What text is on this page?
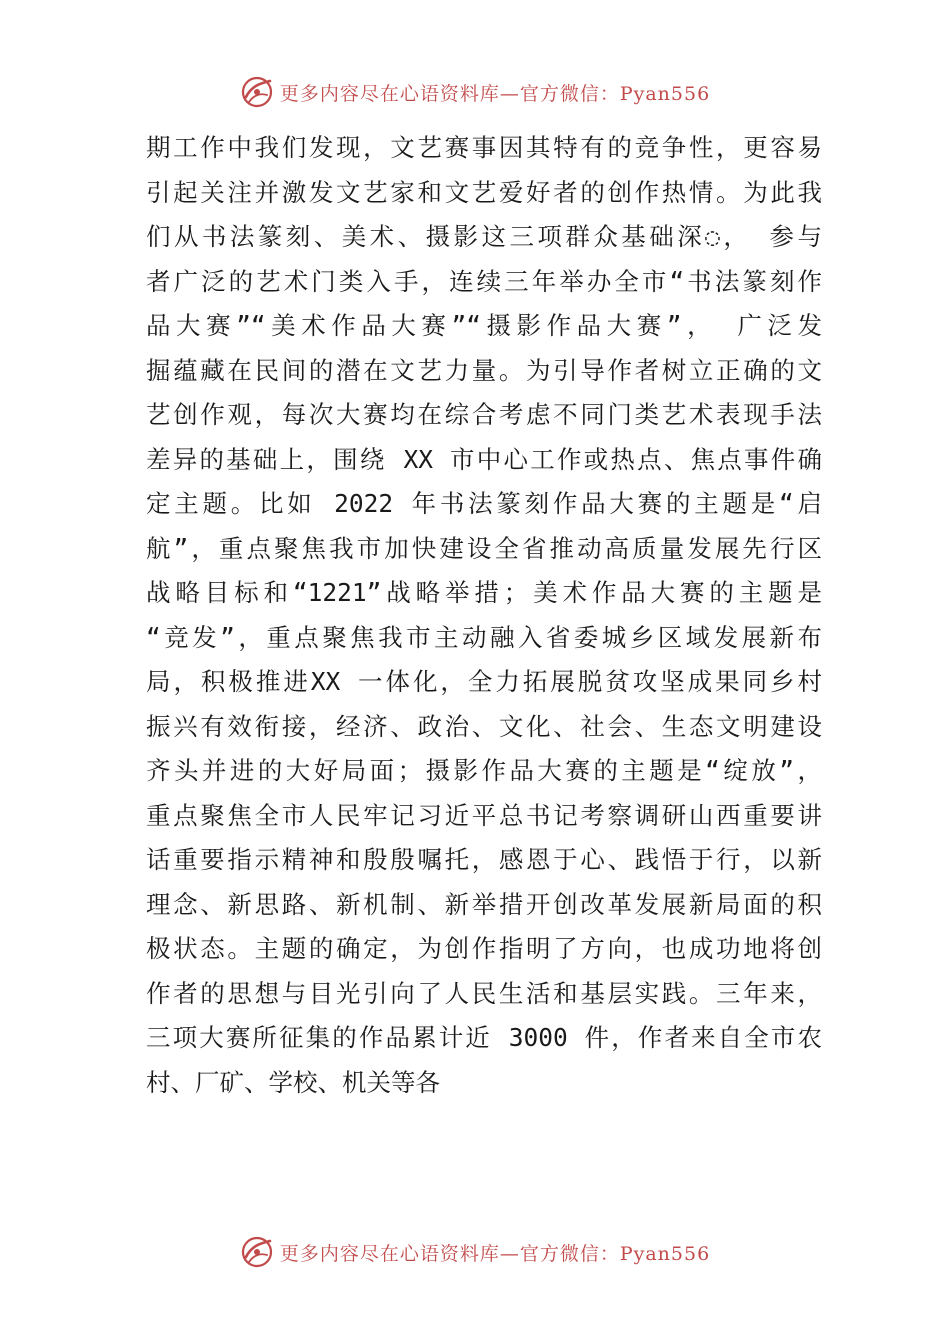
更多内容尽在心语资料库—官方微信：Pyan556
期工作中我们发现，文艺赛事因其特有的竞争性，更容易
引起关注并激发文艺家和文艺爱好者的创作热情。为此我
们从书法篆刻、美术、摄影这三项群众基础深◌， 参与
者广泛的艺术门类入手，连续三年举办全市“书法篆刻作
品大赛”“美术作品大赛”“摄影作品大赛”， 广泛发
掘蕴藏在民间的潜在文艺力量。为引导作者树立正确的文
艺创作观，每次大赛均在综合考虑不同门类艺术表现手法
差异的基础上，围绕 XX 市中心工作或热点、焦点事件确
定主题。比如 2022 年书法篆刻作品大赛的主题是“启
航”，重点聚焦我市加快建设全省推动高质量发展先行区
战略目标和“1221”战略举措；美术作品大赛的主题是
“竞发”，重点聚焦我市主动融入省委城乡区域发展新布
局，积极推进XX 一体化，全力拓展脱贫攻坚成果同乡村
振兴有效衔接，经济、政治、文化、社会、生态文明建设
齐头并进的大好局面；摄影作品大赛的主题是“绽放”，
重点聚焦全市人民牢记习近平总书记考察调研山西重要讲
话重要指示精神和殷殷嘱托，感恩于心、践悟于行，以新
理念、新思路、新机制、新举措开创改革发展新局面的积
极状态。主题的确定，为创作指明了方向，也成功地将创
作者的思想与目光引向了人民生活和基层实践。三年来，
三项大赛所征集的作品累计近 3000 件，作者来自全市农
村、厂矿、学校、机关等各
更多内容尽在心语资料库—官方微信：Pyan556
